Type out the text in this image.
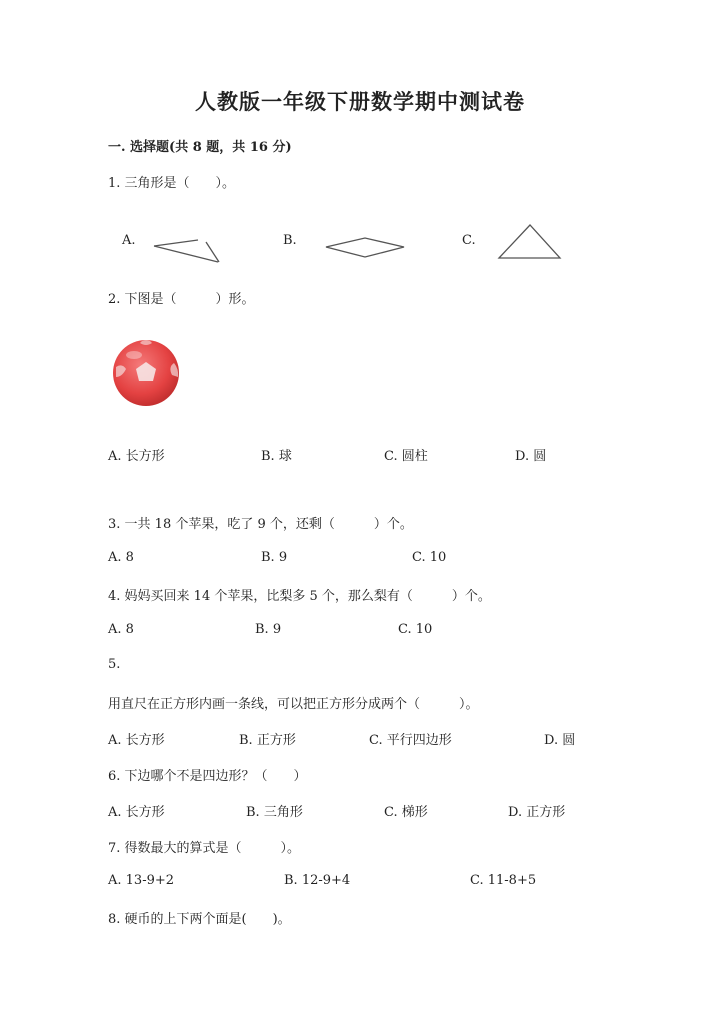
人教版一年级下册数学期中测试卷
一. 选择题(共 8 题，共 16 分)
1. 三角形是（　　）。
A.	B.	C.
2. 下图是（　　　）形。
A. 长方形	B. 球	C. 圆柱	D. 圆
3. 一共 18 个苹果，吃了 9 个，还剩（　　　）个。
A. 8	B. 9	C. 10
4. 妈妈买回来 14 个苹果，比梨多 5 个，那么梨有（　　　）个。
A. 8	B. 9	C. 10
5.
用直尺在正方形内画一条线，可以把正方形分成两个（　　　）。
A. 长方形	B. 正方形	C. 平行四边形	D. 圆
6. 下边哪个不是四边形？（　　）
A. 长方形	B. 三角形	C. 梯形	D. 正方形
7. 得数最大的算式是（　　　）。
A. 13-9+2	B. 12-9+4	C. 11-8+5
8. 硬币的上下两个面是(　　)。
